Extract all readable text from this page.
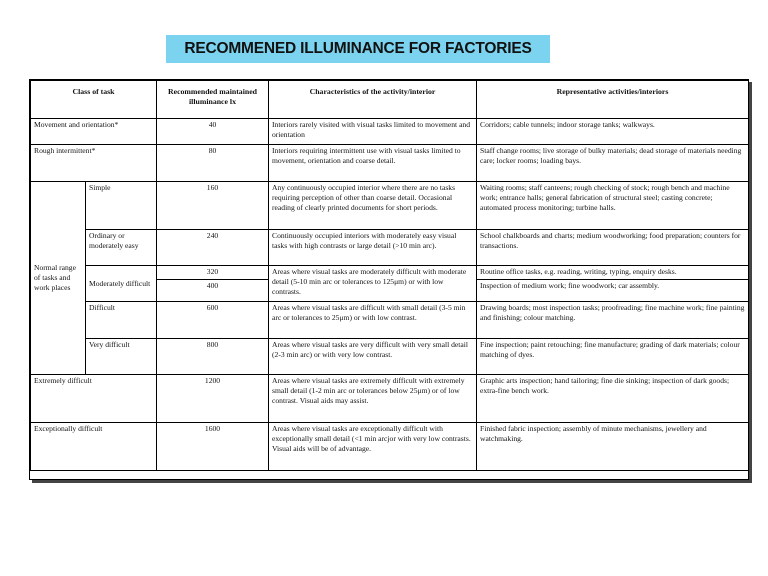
RECOMMENED ILLUMINANCE FOR FACTORIES
Class of task		Recommended maintained illuminance lx	Characteristics of the activity/interior	Representative activities/interiors
Movement and orientation*		40	Interiors rarely visited with visual tasks limited to movement and orientation	Corridors; cable tunnels; indoor storage tanks; walkways.
Rough intermittent*		80	Interiors requiring intermittent use with visual tasks limited to movement, orientation and coarse detail.	Staff change rooms; live storage of bulky materials; dead storage of materials needing care; locker rooms; loading bays.
Normal range of tasks and work places	Simple	160	Any continuously occupied interior where there are no tasks requiring perception of other than coarse detail. Occasional reading of clearly printed documents for short periods.	Waiting rooms; staff canteens; rough checking of stock; rough bench and machine work; entrance halls; general fabrication of structural steel; casting concrete; automated process monitoring; turbine halls.
	Ordinary or moderately easy	240	Continuously occupied interiors with moderately easy visual tasks with high contrasts or large detail (>10 min arc).	School chalkboards and charts; medium woodworking; food preparation; counters for transactions.
	Moderately difficult	320	Areas where visual tasks are moderately difficult with moderate detail (5-10 min arc or tolerances to 125μm) or with low contrasts.	Routine office tasks, e.g. reading, writing, typing, enquiry desks.
		400		Inspection of medium work; fine woodwork; car assembly.
	Difficult	600	Areas where visual tasks are difficult with small detail (3-5 min arc or tolerances to 25μm) or with low contrast.	Drawing boards; most inspection tasks; proofreading; fine machine work; fine painting and finishing; colour matching.
	Very difficult	800	Areas where visual tasks are very difficult with very small detail (2-3 min arc) or with very low contrast.	Fine inspection; paint retouching; fine manufacture; grading of dark materials; colour matching of dyes.
Extremely difficult		1200	Areas where visual tasks are extremely difficult with extremely small detail (1-2 min arc or tolerances below 25μm) or of low contrast. Visual aids may assist.	Graphic arts inspection; hand tailoring; fine die sinking; inspection of dark goods; extra-fine bench work.
Exceptionally difficult		1600	Areas where visual tasks are exceptionally difficult with exceptionally small detail (<1 min arcjor with very low contrasts. Visual aids will be of advantage.	Finished fabric inspection; assembly of minute mechanisms, jewellery and watchmaking.
